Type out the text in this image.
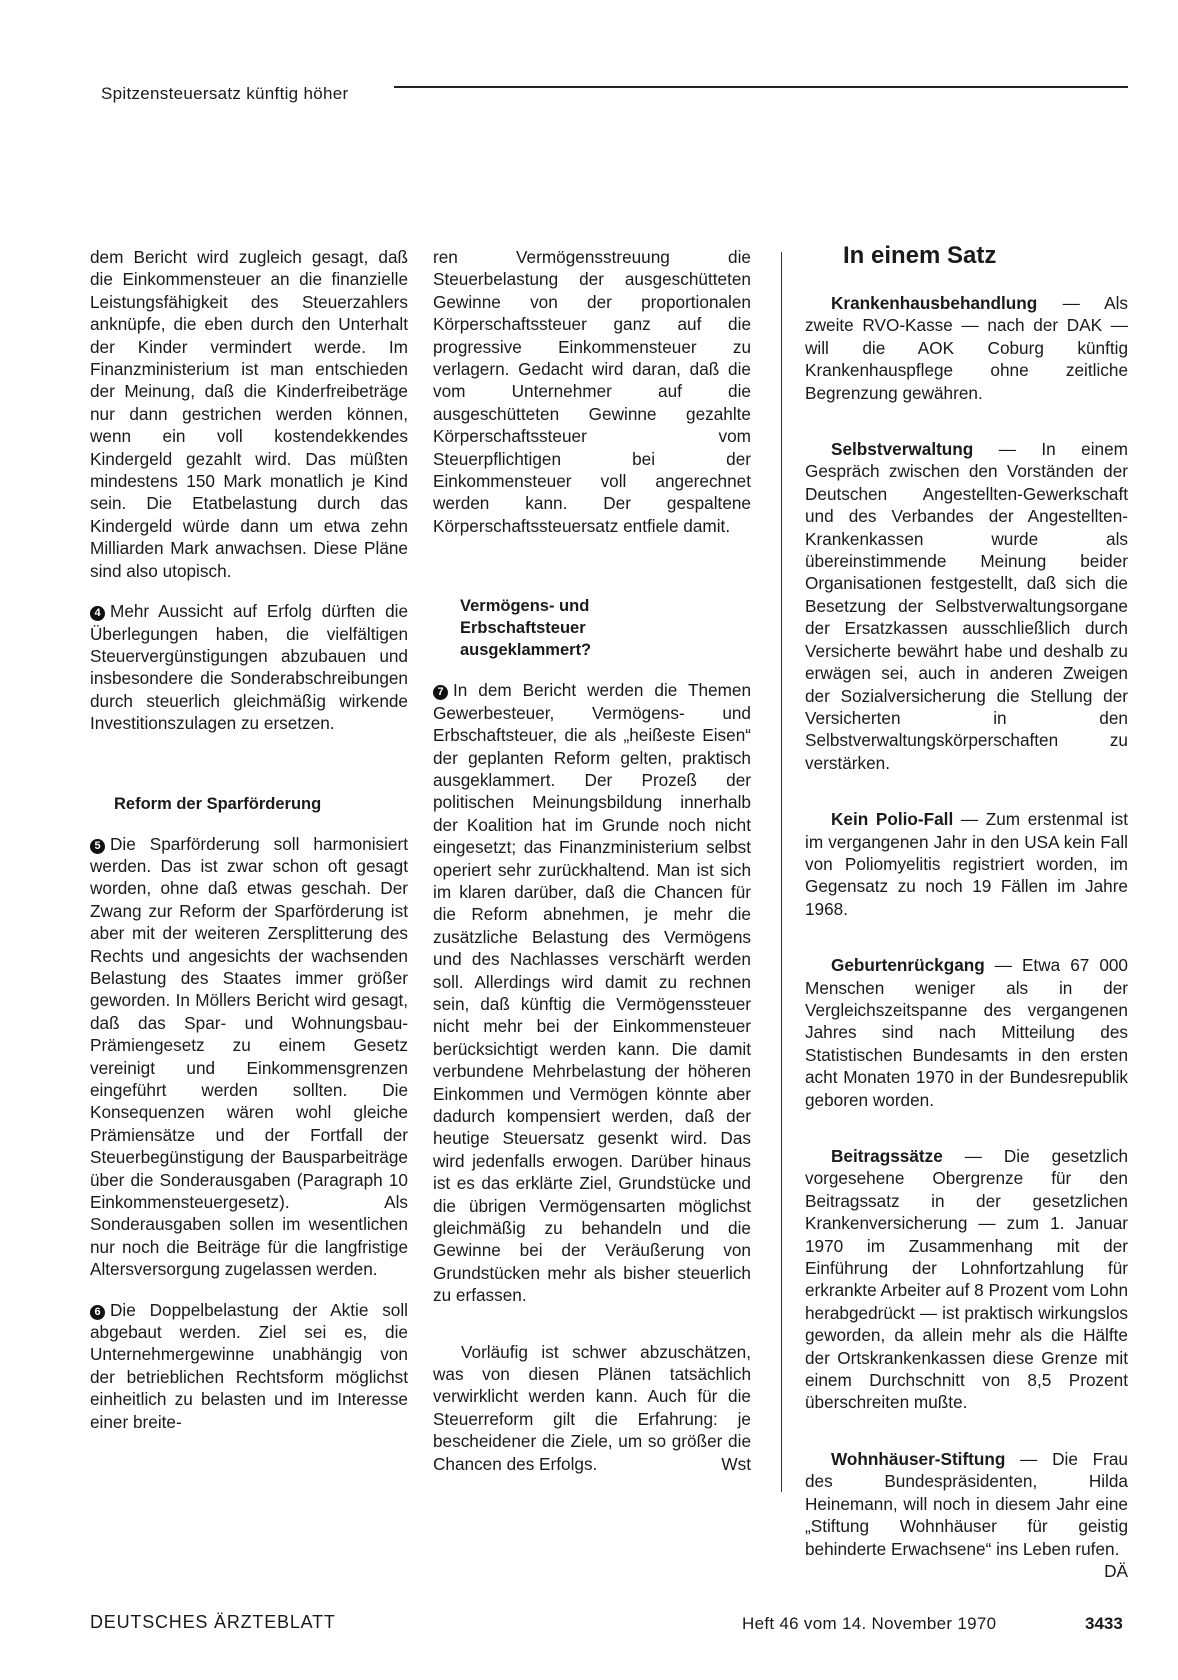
Spitzensteuersatz künftig höher

dem Bericht wird zugleich gesagt, daß die Einkommensteuer an die finanzielle Leistungsfähigkeit des Steuerzahlers anknüpfe, die eben durch den Unterhalt der Kinder vermindert werde. Im Finanzministerium ist man entschieden der Meinung, daß die Kinderfreibeträge nur dann gestrichen werden können, wenn ein voll kostendekkendes Kindergeld gezahlt wird. Das müßten mindestens 150 Mark monatlich je Kind sein. Die Etatbelastung durch das Kindergeld würde dann um etwa zehn Milliarden Mark anwachsen. Diese Pläne sind also utopisch.

4 Mehr Aussicht auf Erfolg dürften die Überlegungen haben, die vielfältigen Steuervergünstigungen abzubauen und insbesondere die Sonderabschreibungen durch steuerlich gleichmäßig wirkende Investitionszulagen zu ersetzen.

Reform der Sparförderung

5 Die Sparförderung soll harmonisiert werden. Das ist zwar schon oft gesagt worden, ohne daß etwas geschah. Der Zwang zur Reform der Sparförderung ist aber mit der weiteren Zersplitterung des Rechts und angesichts der wachsenden Belastung des Staates immer größer geworden. In Möllers Bericht wird gesagt, daß das Spar- und Wohnungsbau-Prämiengesetz zu einem Gesetz vereinigt und Einkommensgrenzen eingeführt werden sollten. Die Konsequenzen wären wohl gleiche Prämiensätze und der Fortfall der Steuerbegünstigung der Bausparbeiträge über die Sonderausgaben (Paragraph 10 Einkommensteuergesetz). Als Sonderausgaben sollen im wesentlichen nur noch die Beiträge für die langfristige Altersversorgung zugelassen werden.

6 Die Doppelbelastung der Aktie soll abgebaut werden. Ziel sei es, die Unternehmergewinne unabhängig von der betrieblichen Rechtsform möglichst einheitlich zu belasten und im Interesse einer breite-

ren Vermögensstreuung die Steuerbelastung der ausgeschütteten Gewinne von der proportionalen Körperschaftssteuer ganz auf die progressive Einkommensteuer zu verlagern. Gedacht wird daran, daß die vom Unternehmer auf die ausgeschütteten Gewinne gezahlte Körperschaftssteuer vom Steuerpflichtigen bei der Einkommensteuer voll angerechnet werden kann. Der gespaltene Körperschaftssteuersatz entfiele damit.

Vermögens- und
Erbschaftsteuer
ausgeklammert?

7 In dem Bericht werden die Themen Gewerbesteuer, Vermögens- und Erbschaftsteuer, die als „heißeste Eisen“ der geplanten Reform gelten, praktisch ausgeklammert. Der Prozeß der politischen Meinungsbildung innerhalb der Koalition hat im Grunde noch nicht eingesetzt; das Finanzministerium selbst operiert sehr zurückhaltend. Man ist sich im klaren darüber, daß die Chancen für die Reform abnehmen, je mehr die zusätzliche Belastung des Vermögens und des Nachlasses verschärft werden soll. Allerdings wird damit zu rechnen sein, daß künftig die Vermögenssteuer nicht mehr bei der Einkommensteuer berücksichtigt werden kann. Die damit verbundene Mehrbelastung der höheren Einkommen und Vermögen könnte aber dadurch kompensiert werden, daß der heutige Steuersatz gesenkt wird. Das wird jedenfalls erwogen. Darüber hinaus ist es das erklärte Ziel, Grundstücke und die übrigen Vermögensarten möglichst gleichmäßig zu behandeln und die Gewinne bei der Veräußerung von Grundstücken mehr als bisher steuerlich zu erfassen.

Vorläufig ist schwer abzuschätzen, was von diesen Plänen tatsächlich verwirklicht werden kann. Auch für die Steuerreform gilt die Erfahrung: je bescheidener die Ziele, um so größer die Chancen des Erfolgs.	Wst

In einem Satz

Krankenhausbehandlung — Als zweite RVO-Kasse — nach der DAK — will die AOK Coburg künftig Krankenhauspflege ohne zeitliche Begrenzung gewähren.

Selbstverwaltung — In einem Gespräch zwischen den Vorständen der Deutschen Angestellten-Gewerkschaft und des Verbandes der Angestellten-Krankenkassen wurde als übereinstimmende Meinung beider Organisationen festgestellt, daß sich die Besetzung der Selbstverwaltungsorgane der Ersatzkassen ausschließlich durch Versicherte bewährt habe und deshalb zu erwägen sei, auch in anderen Zweigen der Sozialversicherung die Stellung der Versicherten in den Selbstverwaltungskörperschaften zu verstärken.

Kein Polio-Fall — Zum erstenmal ist im vergangenen Jahr in den USA kein Fall von Poliomyelitis registriert worden, im Gegensatz zu noch 19 Fällen im Jahre 1968.

Geburtenrückgang — Etwa 67 000 Menschen weniger als in der Vergleichszeitspanne des vergangenen Jahres sind nach Mitteilung des Statistischen Bundesamts in den ersten acht Monaten 1970 in der Bundesrepublik geboren worden.

Beitragssätze — Die gesetzlich vorgesehene Obergrenze für den Beitragssatz in der gesetzlichen Krankenversicherung — zum 1. Januar 1970 im Zusammenhang mit der Einführung der Lohnfortzahlung für erkrankte Arbeiter auf 8 Prozent vom Lohn herabgedrückt — ist praktisch wirkungslos geworden, da allein mehr als die Hälfte der Ortskrankenkassen diese Grenze mit einem Durchschnitt von 8,5 Prozent überschreiten mußte.

Wohnhäuser-Stiftung — Die Frau des Bundespräsidenten, Hilda Heinemann, will noch in diesem Jahr eine „Stiftung Wohnhäuser für geistig behinderte Erwachsene“ ins Leben rufen.
DÄ

DEUTSCHES ÄRZTEBLATT	Heft 46 vom 14. November 1970	3433
